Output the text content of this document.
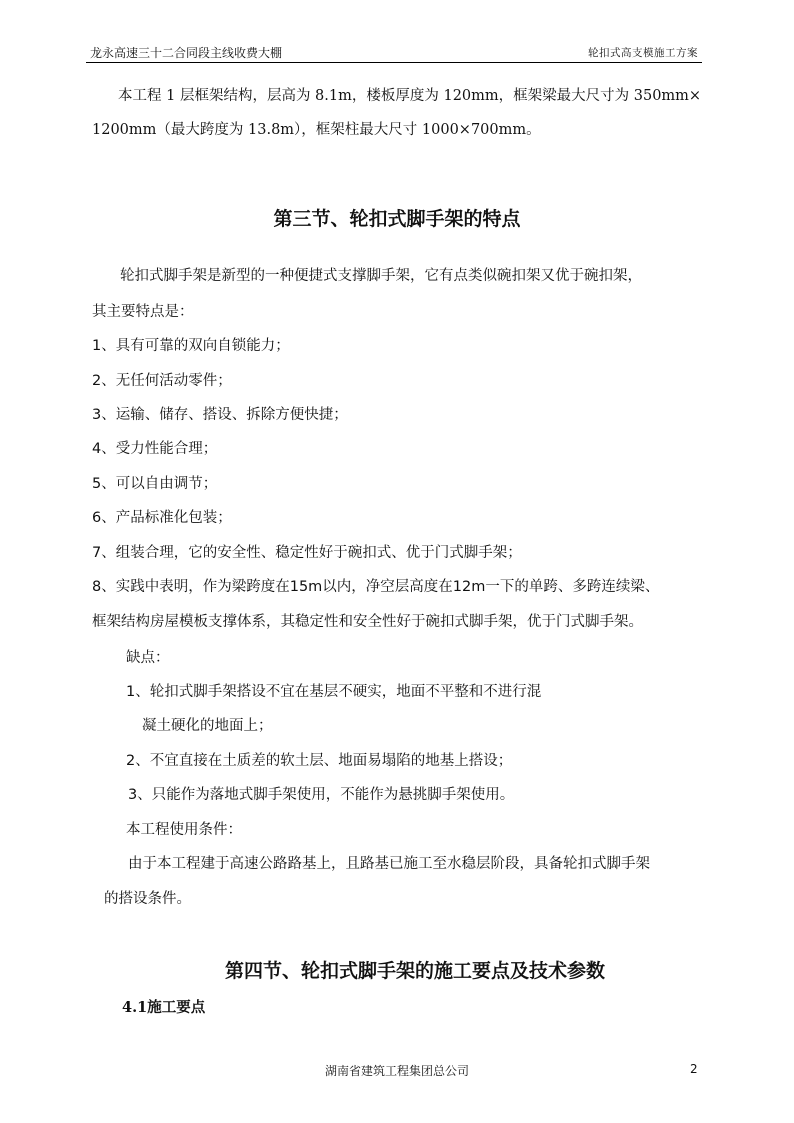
龙永高速三十二合同段主线收费大棚	轮扣式高支模施工方案
本工程 1 层框架结构，层高为 8.1m，楼板厚度为 120mm，框架梁最大尺寸为 350mm×
1200mm（最大跨度为 13.8m），框架柱最大尺寸 1000×700mm。
第三节、轮扣式脚手架的特点
轮扣式脚手架是新型的一种便捷式支撑脚手架，它有点类似碗扣架又优于碗扣架，
其主要特点是：
1、具有可靠的双向自锁能力；
2、无任何活动零件；
3、运输、储存、搭设、拆除方便快捷；
4、受力性能合理；
5、可以自由调节；
6、产品标准化包装；
7、组装合理，它的安全性、稳定性好于碗扣式、优于门式脚手架；
8、实践中表明，作为梁跨度在15m以内，净空层高度在12m一下的单跨、多跨连续梁、
框架结构房屋模板支撑体系，其稳定性和安全性好于碗扣式脚手架，优于门式脚手架。
缺点：
1、轮扣式脚手架搭设不宜在基层不硬实，地面不平整和不进行混
凝土硬化的地面上；
2、不宜直接在土质差的软土层、地面易塌陷的地基上搭设；
3、只能作为落地式脚手架使用，不能作为悬挑脚手架使用。
本工程使用条件：
由于本工程建于高速公路路基上，且路基已施工至水稳层阶段，具备轮扣式脚手架
的搭设条件。
第四节、轮扣式脚手架的施工要点及技术参数
4.1施工要点
湖南省建筑工程集团总公司	2
